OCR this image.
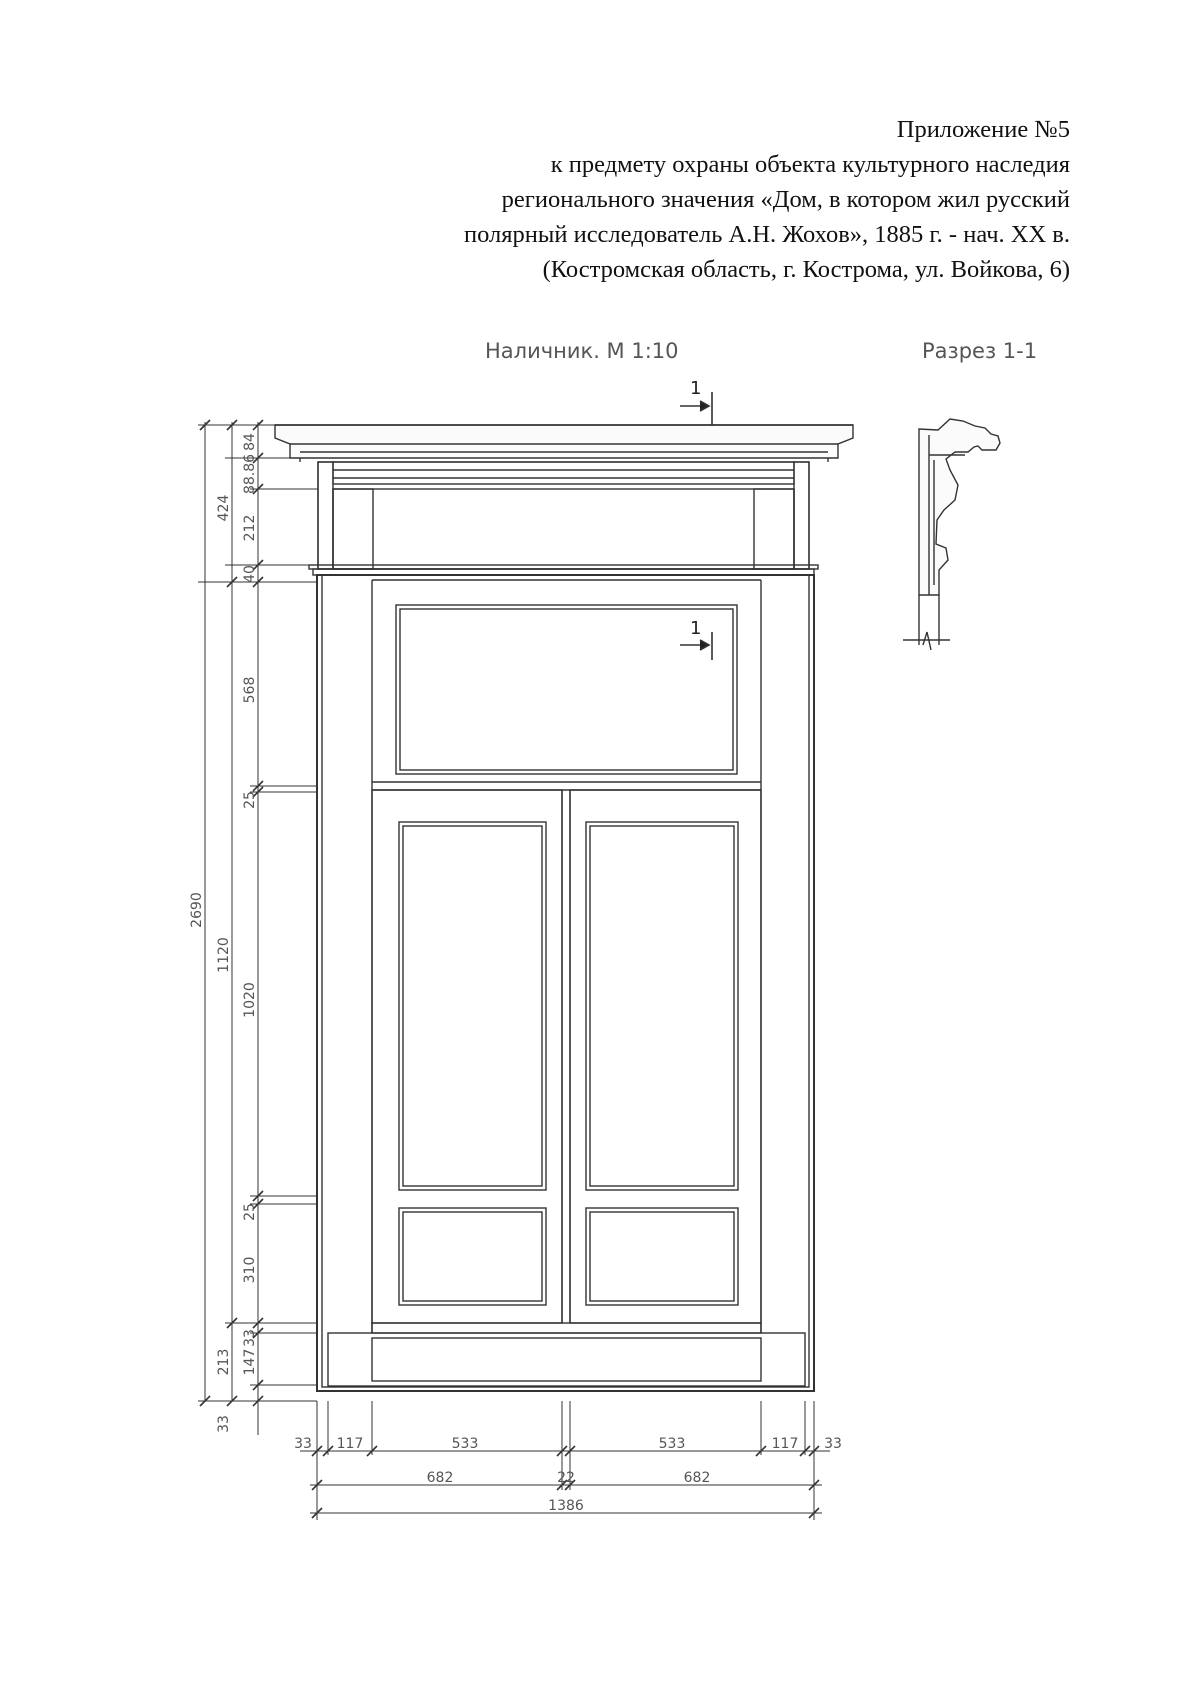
Приложение №5
к предмету охраны объекта культурного наследия
регионального значения «Дом, в котором жил русский
полярный исследователь А.Н. Жохов», 1885 г. - нач. XX в.
(Костромская область, г. Кострома, ул. Войкова, 6)
Наличник. М 1:10	Разрез 1-1
1
1
2690
424
1120
213
33
84
88.86
212
40
568
25
1020
25
310
33
147
33 117	533	533	117 33
682	22	682
1386
